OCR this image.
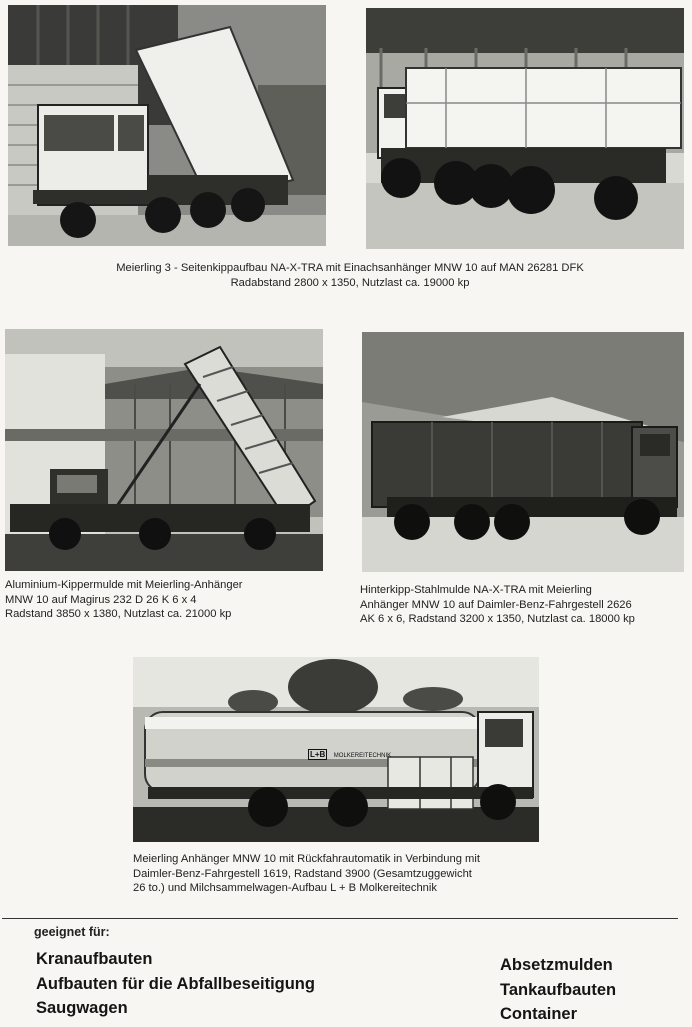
Meierling 3 - Seitenkippaufbau NA-X-TRA mit Einachsanhänger MNW 10 auf MAN 26281 DFK
Radabstand 2800 x 1350, Nutzlast ca. 19000 kp
Aluminium-Kippermulde mit Meierling-Anhänger
MNW 10 auf Magirus 232 D 26 K 6 x 4
Radstand 3850 x 1380, Nutzlast ca. 21000 kp
Hinterkipp-Stahlmulde NA-X-TRA mit Meierling
Anhänger MNW 10 auf Daimler-Benz-Fahrgestell 2626
AK 6 x 6, Radstand 3200 x 1350, Nutzlast ca. 18000 kp
L+B MOLKEREITECHNIK
Meierling Anhänger MNW 10 mit Rückfahrautomatik in Verbindung mit
Daimler-Benz-Fahrgestell 1619, Radstand 3900 (Gesamtzuggewicht
26 to.) und Milchsammelwagen-Aufbau L + B Molkereitechnik
geeignet für:
Kranaufbauten
Aufbauten für die Abfallbeseitigung
Saugwagen
Absetzmulden
Tankaufbauten
Container
